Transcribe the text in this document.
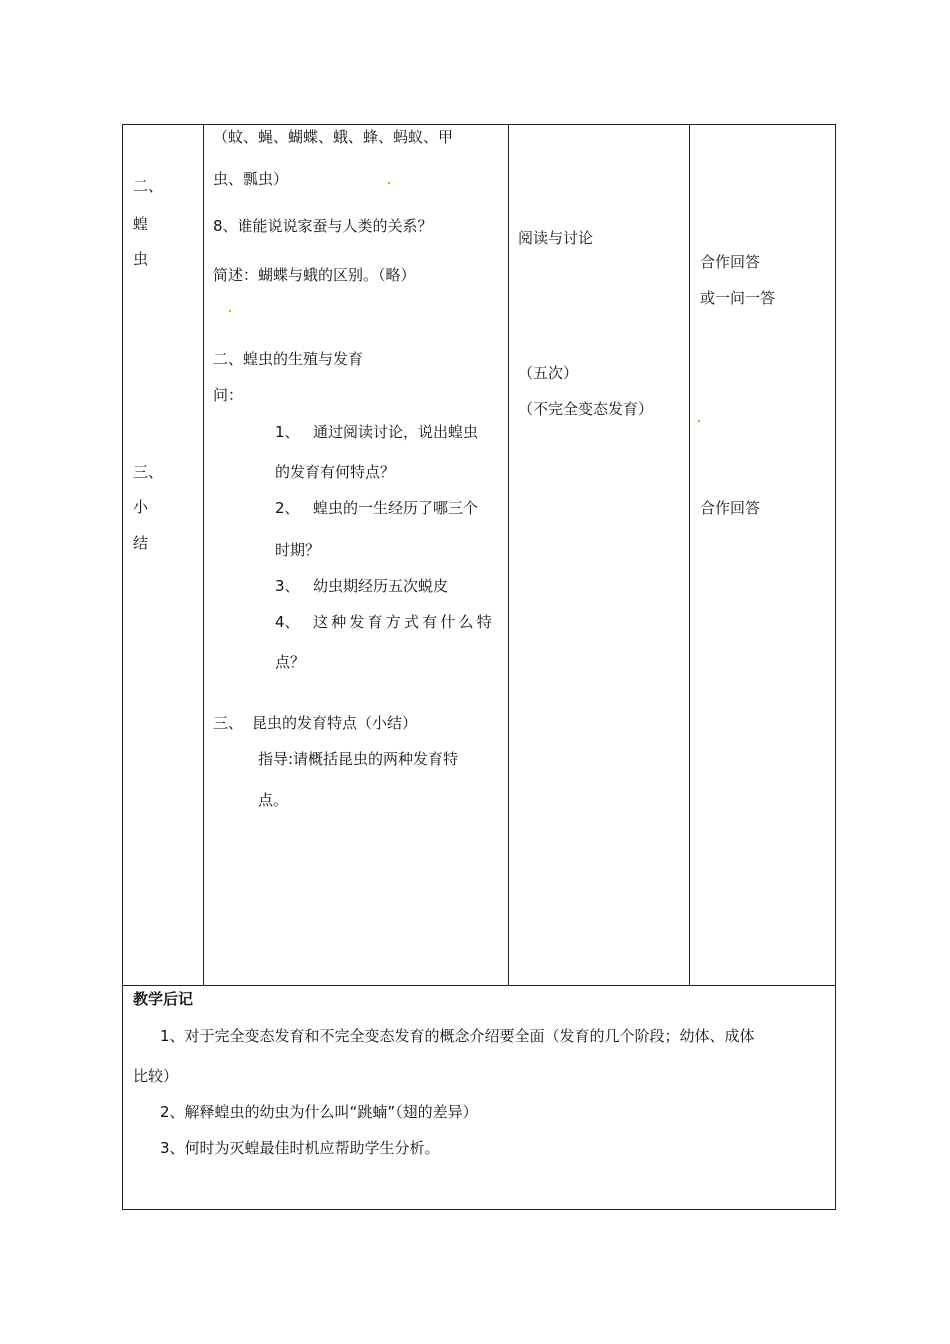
二、
蝗
虫
三、
小
结
（蚊、蝇、蝴蝶、蛾、蜂、蚂蚁、甲
虫、瓢虫）
8、谁能说说家蚕与人类的关系？
简述：蝴蝶与蛾的区别。（略）
二、蝗虫的生殖与发育
问：
1、 通过阅读讨论，说出蝗虫
的发育有何特点？
2、 蝗虫的一生经历了哪三个
时期？
3、 幼虫期经历五次蜕皮
4、 这种发育方式有什么特
点？
三、 昆虫的发育特点（小结）
指导:请概括昆虫的两种发育特
点。
阅读与讨论
（五次）
（不完全变态发育）
合作回答
或一问一答
合作回答
教学后记
1、对于完全变态发育和不完全变态发育的概念介绍要全面（发育的几个阶段；幼体、成体
比较）
2、解释蝗虫的幼虫为什么叫“跳蝻”（翅的差异）
3、何时为灭蝗最佳时机应帮助学生分析。
